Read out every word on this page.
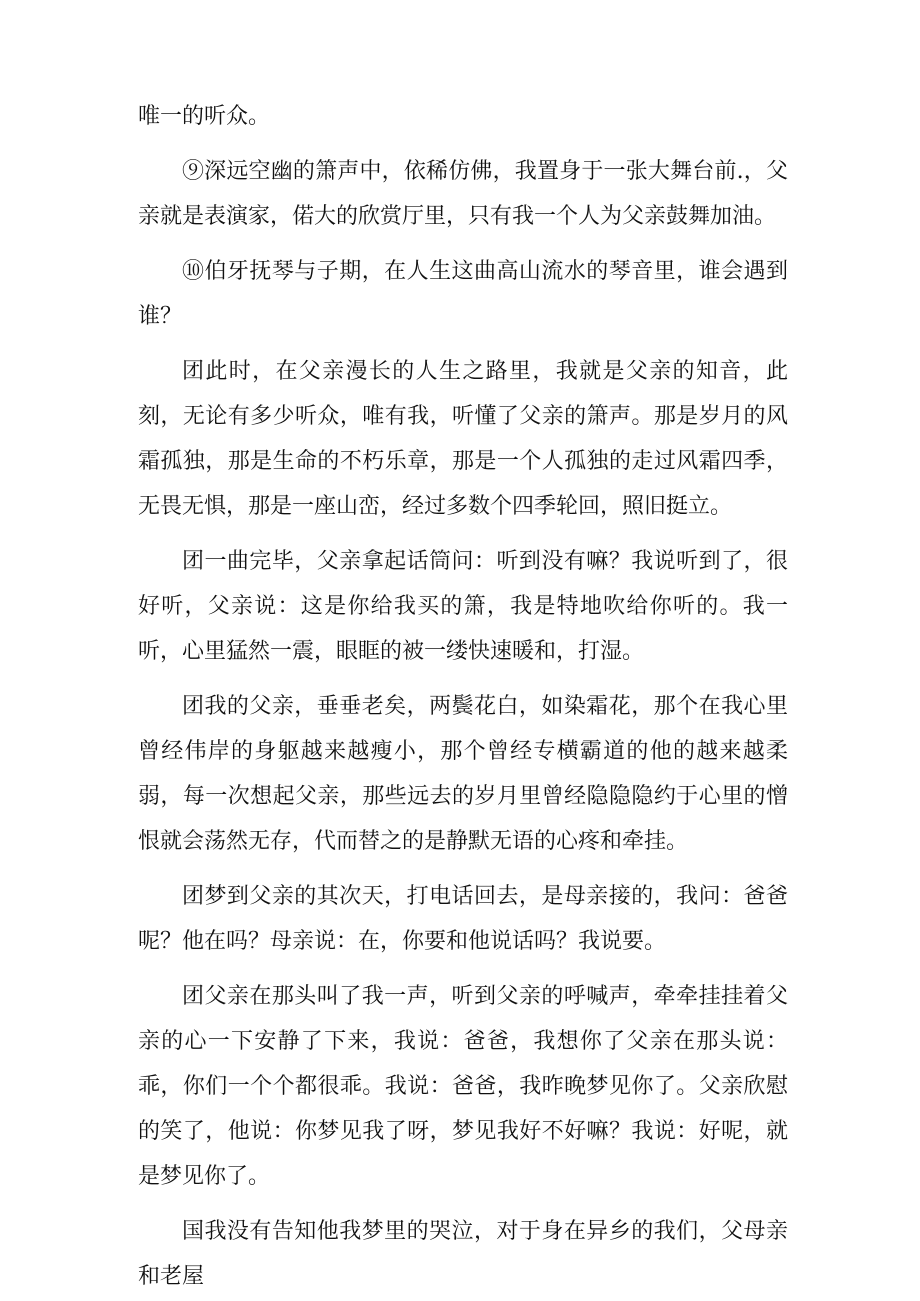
唯一的听众。

⑨深远空幽的箫声中，依稀仿佛，我置身于一张大舞台前.，父亲就是表演家，偌大的欣赏厅里，只有我一个人为父亲鼓舞加油。

⑩伯牙抚琴与子期，在人生这曲高山流水的琴音里，谁会遇到谁？

团此时，在父亲漫长的人生之路里，我就是父亲的知音，此刻，无论有多少听众，唯有我，听懂了父亲的箫声。那是岁月的风霜孤独，那是生命的不朽乐章，那是一个人孤独的走过风霜四季，无畏无惧，那是一座山峦，经过多数个四季轮回，照旧挺立。

团一曲完毕，父亲拿起话筒问：听到没有嘛？我说听到了，很好听，父亲说：这是你给我买的箫，我是特地吹给你听的。我一听，心里猛然一震，眼眶的被一缕快速暖和，打湿。

团我的父亲，垂垂老矣，两鬓花白，如染霜花，那个在我心里曾经伟岸的身躯越来越瘦小，那个曾经专横霸道的他的越来越柔弱，每一次想起父亲，那些远去的岁月里曾经隐隐隐约于心里的憎恨就会荡然无存，代而替之的是静默无语的心疼和牵挂。

团梦到父亲的其次天，打电话回去，是母亲接的，我问：爸爸呢？他在吗？母亲说：在，你要和他说话吗？我说要。

团父亲在那头叫了我一声，听到父亲的呼喊声，牵牵挂挂着父亲的心一下安静了下来，我说：爸爸，我想你了父亲在那头说：乖，你们一个个都很乖。我说：爸爸，我昨晚梦见你了。父亲欣慰的笑了，他说：你梦见我了呀，梦见我好不好嘛？我说：好呢，就是梦见你了。

国我没有告知他我梦里的哭泣，对于身在异乡的我们，父母亲和老屋
